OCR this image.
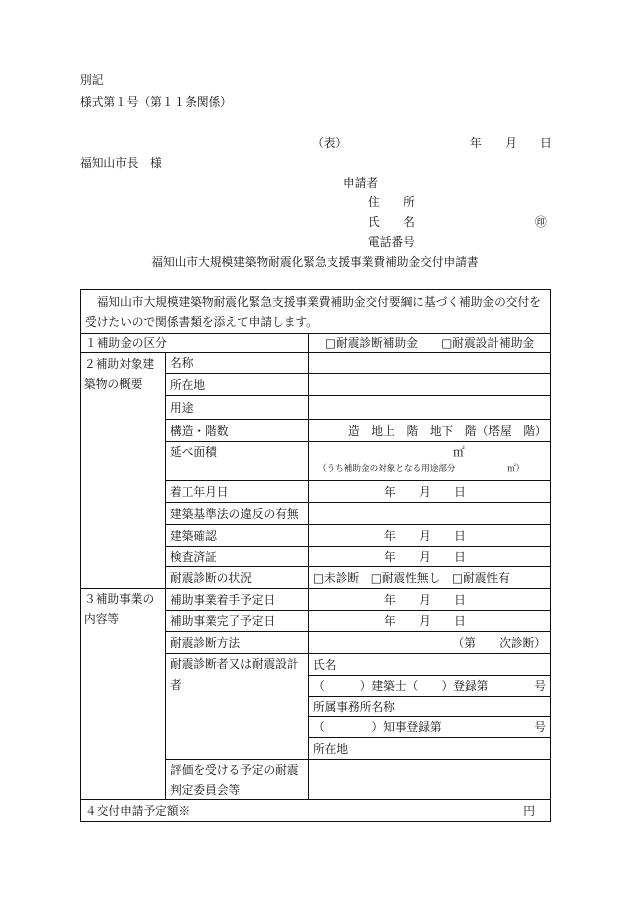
別記
様式第１号（第１１条関係）
（表）	年　　月　　日
福知山市長　様
申請者
住　　所
氏　　名	㊞
電話番号
福知山市大規模建築物耐震化緊急支援事業費補助金交付申請書
　福知山市大規模建築物耐震化緊急支援事業費補助金交付要綱に基づく補助金の交付を
受けたいので関係書類を添えて申請します。
１補助金の区分	□耐震診断補助金　　□耐震設計補助金
２補助対象建
築物の概要
名称
所在地
用途
構造・階数	造　地上　階　地下　階（塔屋　階）
延べ面積	㎡
（うち補助金の対象となる用途部分　　　　　　㎡）
着工年月日	年　　月　　日
建築基準法の違反の有無
建築確認	年　　月　　日
検査済証	年　　月　　日
耐震診断の状況	□未診断　□耐震性無し　□耐震性有
３補助事業の
内容等
補助事業着手予定日	年　　月　　日
補助事業完了予定日	年　　月　　日
耐震診断方法	（第　　次診断）
耐震診断者又は耐震設計
者
氏名
（　　　）建築士（　　）登録第	号
所属事務所名称
（　　　　）知事登録第	号
所在地
評価を受ける予定の耐震
判定委員会等
４交付申請予定額※	円
